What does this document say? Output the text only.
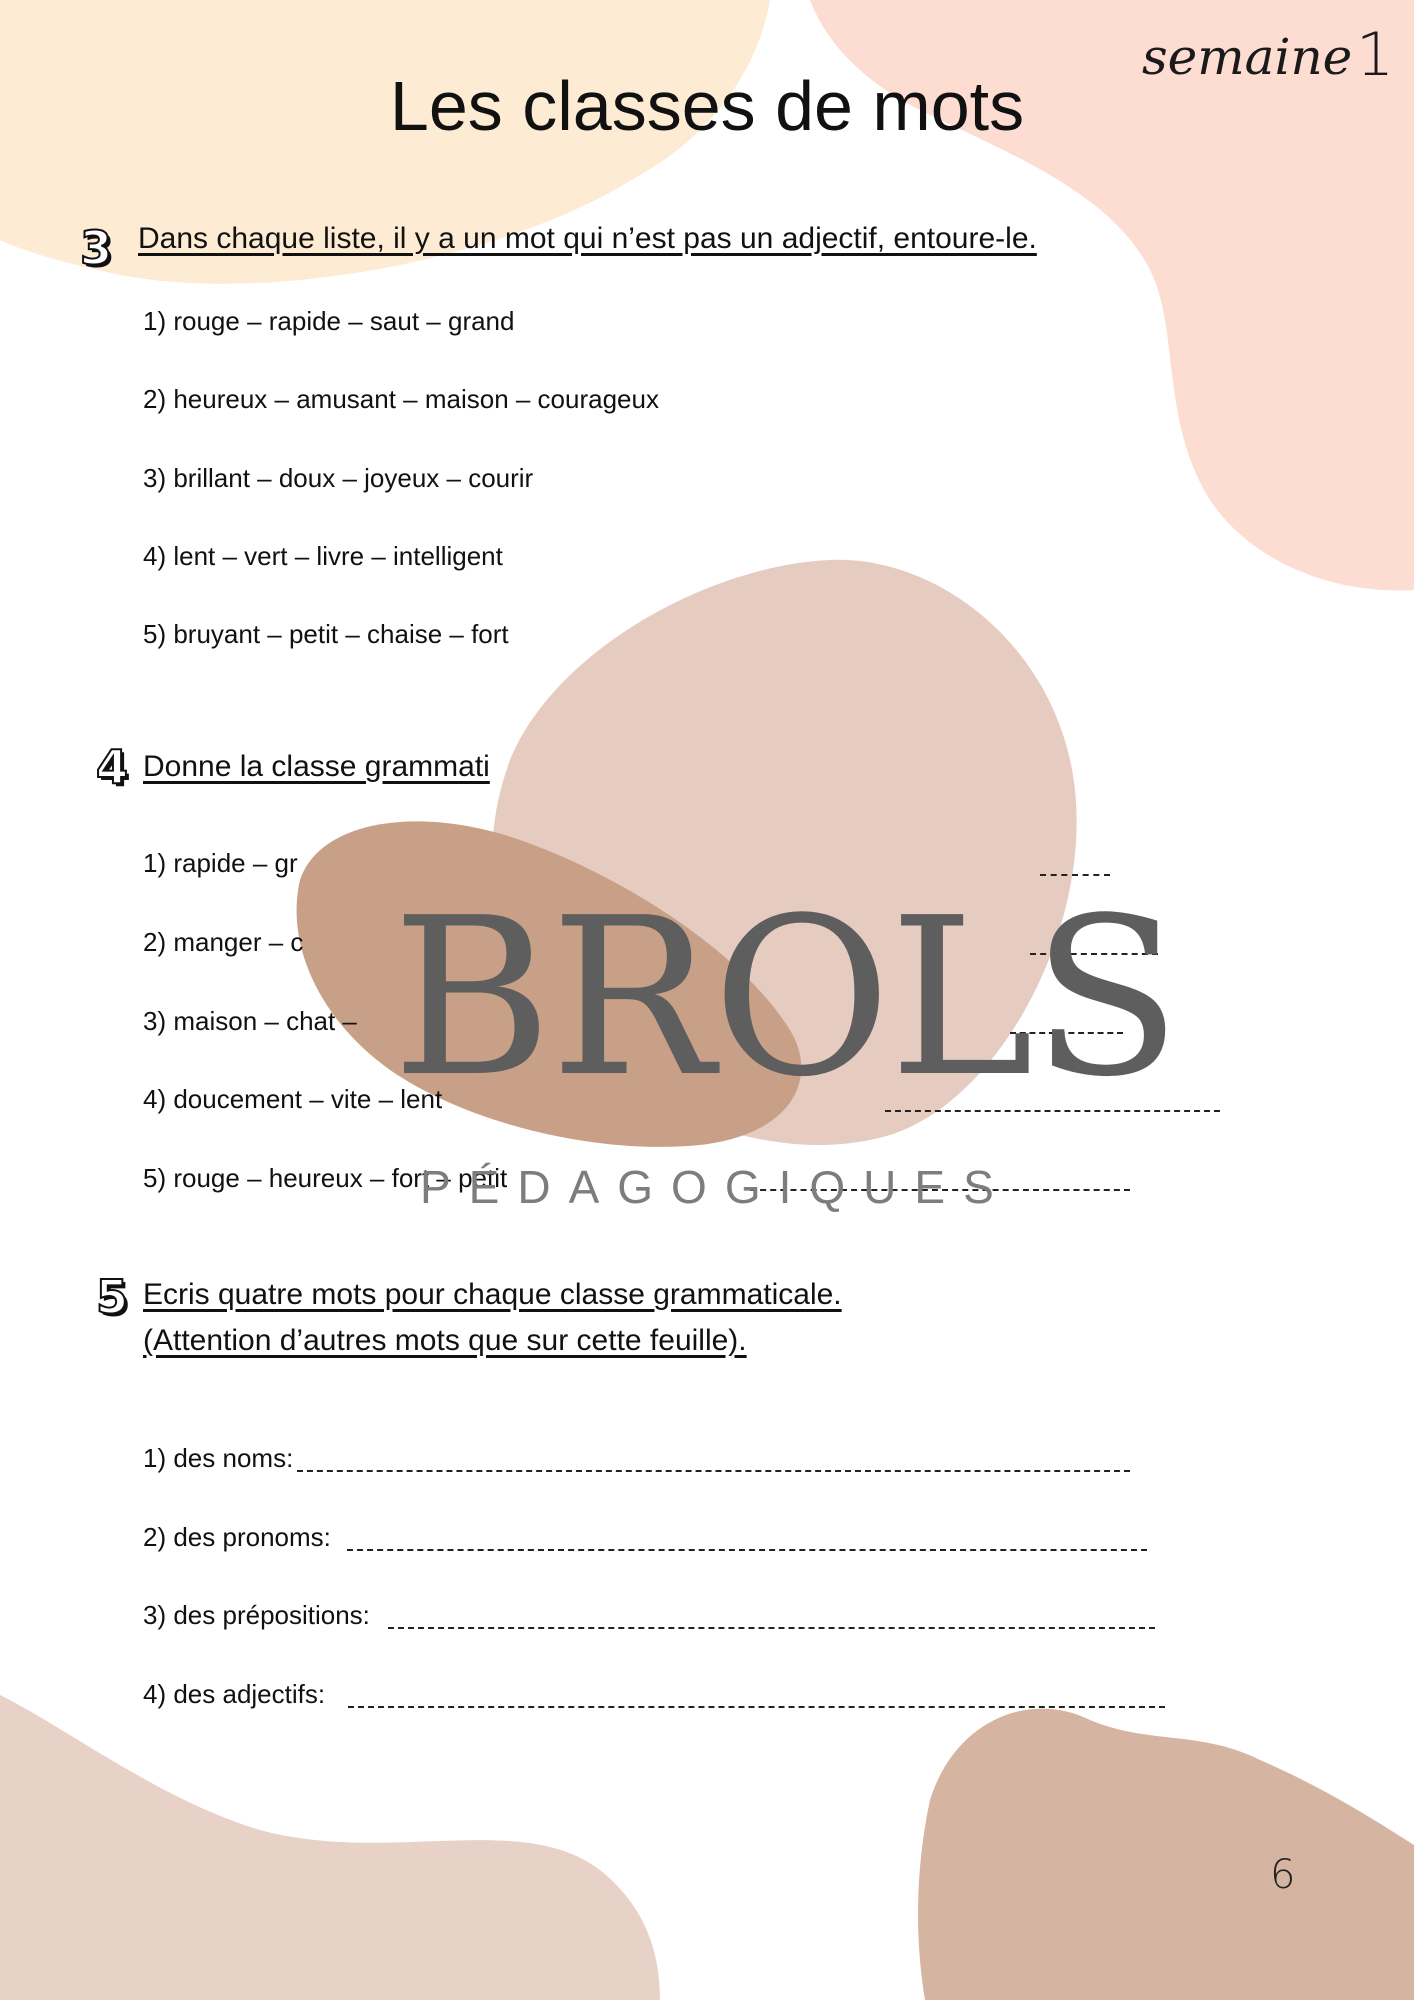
semaine 1
Les classes de mots
3 Dans chaque liste, il y a un mot qui n’est pas un adjectif, entoure-le.
1) rouge – rapide – saut – grand
2) heureux – amusant – maison – courageux
3) brillant – doux – joyeux – courir
4) lent – vert – livre – intelligent
5) bruyant – petit – chaise – fort
4 Donne la classe grammati
1) rapide – gr
2) manger – c
3) maison – chat –
4) doucement – vite – lent
5) rouge – heureux – fort – petit
5 Ecris quatre mots pour chaque classe grammaticale.
(Attention d’autres mots que sur cette feuille).
1) des noms:
2) des pronoms:
3) des prépositions:
4) des adjectifs:
BROLS
PÉDAGOGIQUES
6
